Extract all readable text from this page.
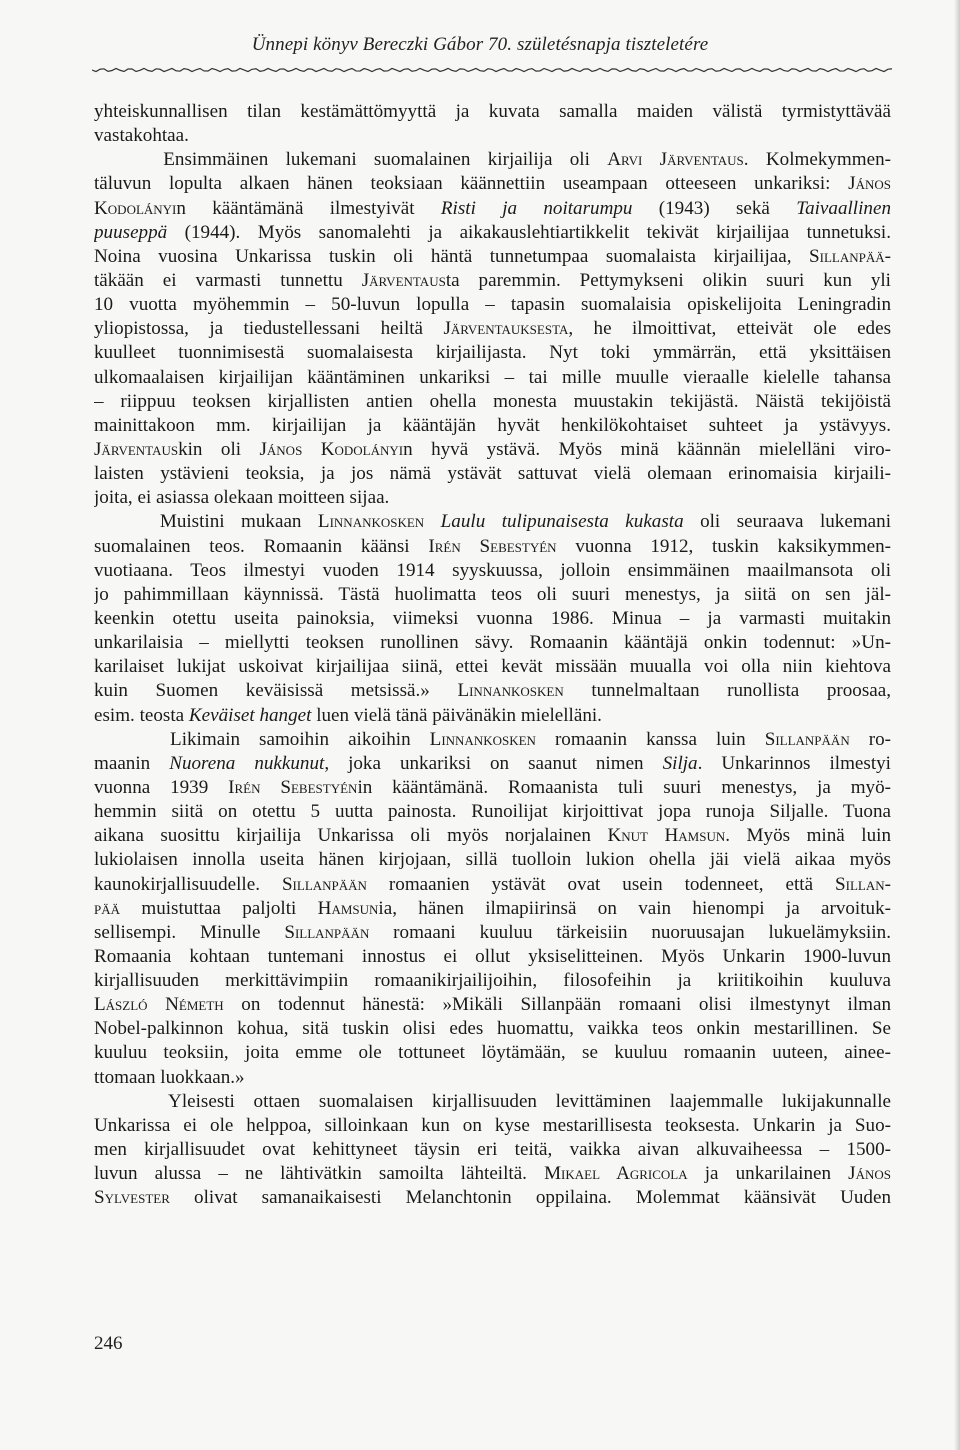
Ünnepi könyv Bereczki Gábor 70. születésnapja tiszteletére
yhteiskunnallisen tilan kestämättömyyttä ja kuvata samalla maiden välistä tyrmistyttävää
vastakohtaa.
Ensimmäinen lukemani suomalainen kirjailija oli Arvi Järventaus. Kolmekymmen-
täluvun lopulta alkaen hänen teoksiaan käännettiin useampaan otteeseen unkariksi: János
Kodolányin kääntämänä ilmestyivät Risti ja noitarumpu (1943) sekä Taivaallinen
puuseppä (1944). Myös sanomalehti ja aikakauslehtiartikkelit tekivät kirjailijaa tunnetuksi.
Noina vuosina Unkarissa tuskin oli häntä tunnetumpaa suomalaista kirjailijaa, Sillanpää-
täkään ei varmasti tunnettu Järventausta paremmin. Pettymykseni olikin suuri kun yli
10 vuotta myöhemmin – 50-luvun lopulla – tapasin suomalaisia opiskelijoita Leningradin
yliopistossa, ja tiedustellessani heiltä Järventauksesta, he ilmoittivat, etteivät ole edes
kuulleet tuonnimisestä suomalaisesta kirjailijasta. Nyt toki ymmärrän, että yksittäisen
ulkomaalaisen kirjailijan kääntäminen unkariksi – tai mille muulle vieraalle kielelle tahansa
– riippuu teoksen kirjallisten antien ohella monesta muustakin tekijästä. Näistä tekijöistä
mainittakoon mm. kirjailijan ja kääntäjän hyvät henkilökohtaiset suhteet ja ystävyys.
Järventauskin oli János Kodolányin hyvä ystävä. Myös minä käännän mielelläni viro-
laisten ystävieni teoksia, ja jos nämä ystävät sattuvat vielä olemaan erinomaisia kirjaili-
joita, ei asiassa olekaan moitteen sijaa.
Muistini mukaan Linnankosken Laulu tulipunaisesta kukasta oli seuraava lukemani
suomalainen teos. Romaanin käänsi Irén Sebestyén vuonna 1912, tuskin kaksikymmen-
vuotiaana. Teos ilmestyi vuoden 1914 syyskuussa, jolloin ensimmäinen maailmansota oli
jo pahimmillaan käynnissä. Tästä huolimatta teos oli suuri menestys, ja siitä on sen jäl-
keenkin otettu useita painoksia, viimeksi vuonna 1986. Minua – ja varmasti muitakin
unkarilaisia – miellytti teoksen runollinen sävy. Romaanin kääntäjä onkin todennut: »Un-
karilaiset lukijat uskoivat kirjailijaa siinä, ettei kevät missään muualla voi olla niin kiehtova
kuin Suomen keväisissä metsissä.» Linnankosken tunnelmaltaan runollista proosaa,
esim. teosta Keväiset hanget luen vielä tänä päivänäkin mielelläni.
Likimain samoihin aikoihin Linnankosken romaanin kanssa luin Sillanpään ro-
maanin Nuorena nukkunut, joka unkariksi on saanut nimen Silja. Unkarinnos ilmestyi
vuonna 1939 Irén Sebestyénin kääntämänä. Romaanista tuli suuri menestys, ja myö-
hemmin siitä on otettu 5 uutta painosta. Runoilijat kirjoittivat jopa runoja Siljalle. Tuona
aikana suosittu kirjailija Unkarissa oli myös norjalainen Knut Hamsun. Myös minä luin
lukiolaisen innolla useita hänen kirjojaan, sillä tuolloin lukion ohella jäi vielä aikaa myös
kaunokirjallisuudelle. Sillanpään romaanien ystävät ovat usein todenneet, että Sillan-
pää muistuttaa paljolti Hamsunia, hänen ilmapiirinsä on vain hienompi ja arvoituk-
sellisempi. Minulle Sillanpään romaani kuuluu tärkeisiin nuoruusajan lukuelämyksiin.
Romaania kohtaan tuntemani innostus ei ollut yksiselitteinen. Myös Unkarin 1900-luvun
kirjallisuuden merkittävimpiin romaanikirjailijoihin, filosofeihin ja kriitikoihin kuuluva
László Németh on todennut hänestä: »Mikäli Sillanpään romaani olisi ilmestynyt ilman
Nobel-palkinnon kohua, sitä tuskin olisi edes huomattu, vaikka teos onkin mestarillinen. Se
kuuluu teoksiin, joita emme ole tottuneet löytämään, se kuuluu romaanin uuteen, ainee-
ttomaan luokkaan.»
Yleisesti ottaen suomalaisen kirjallisuuden levittäminen laajemmalle lukijakunnalle
Unkarissa ei ole helppoa, silloinkaan kun on kyse mestarillisesta teoksesta. Unkarin ja Suo-
men kirjallisuudet ovat kehittyneet täysin eri teitä, vaikka aivan alkuvaiheessa – 1500-
luvun alussa – ne lähtivätkin samoilta lähteiltä. Mikael Agricola ja unkarilainen János
Sylvester olivat samanaikaisesti Melanchtonin oppilaina. Molemmat käänsivät Uuden
246
